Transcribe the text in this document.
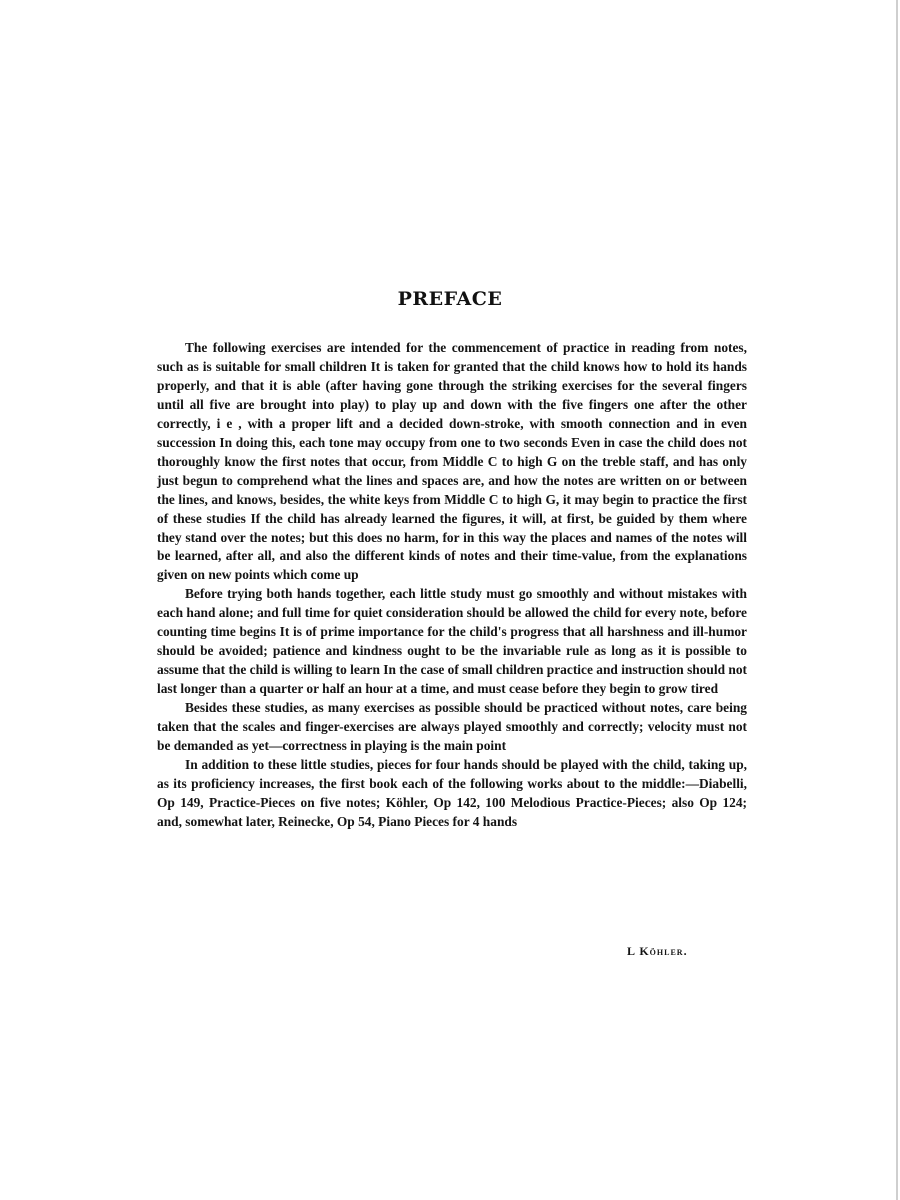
PREFACE

The following exercises are intended for the commencement of practice in reading from notes, such as is suitable for small children It is taken for granted that the child knows how to hold its hands properly, and that it is able (after having gone through the striking exercises for the several fingers until all five are brought into play) to play up and down with the five fingers one after the other correctly, i e , with a proper lift and a decided down-stroke, with smooth connection and in even succession In doing this, each tone may occupy from one to two seconds Even in case the child does not thoroughly know the first notes that occur, from Middle C to high G on the treble staff, and has only just begun to comprehend what the lines and spaces are, and how the notes are written on or between the lines, and knows, besides, the white keys from Middle C to high G, it may begin to practice the first of these studies If the child has already learned the figures, it will, at first, be guided by them where they stand over the notes; but this does no harm, for in this way the places and names of the notes will be learned, after all, and also the different kinds of notes and their time-value, from the explanations given on new points which come up

Before trying both hands together, each little study must go smoothly and without mistakes with each hand alone; and full time for quiet consideration should be allowed the child for every note, before counting time begins It is of prime importance for the child's progress that all harshness and ill-humor should be avoided; patience and kindness ought to be the invariable rule as long as it is possible to assume that the child is willing to learn In the case of small children practice and instruction should not last longer than a quarter or half an hour at a time, and must cease before they begin to grow tired

Besides these studies, as many exercises as possible should be practiced without notes, care being taken that the scales and finger-exercises are always played smoothly and correctly; velocity must not be demanded as yet—correctness in playing is the main point

In addition to these little studies, pieces for four hands should be played with the child, taking up, as its proficiency increases, the first book each of the following works about to the middle:—Diabelli, Op 149, Practice-Pieces on five notes; Köhler, Op 142, 100 Melodious Practice-Pieces; also Op 124; and, somewhat later, Reinecke, Op 54, Piano Pieces for 4 hands

L Köhler.
